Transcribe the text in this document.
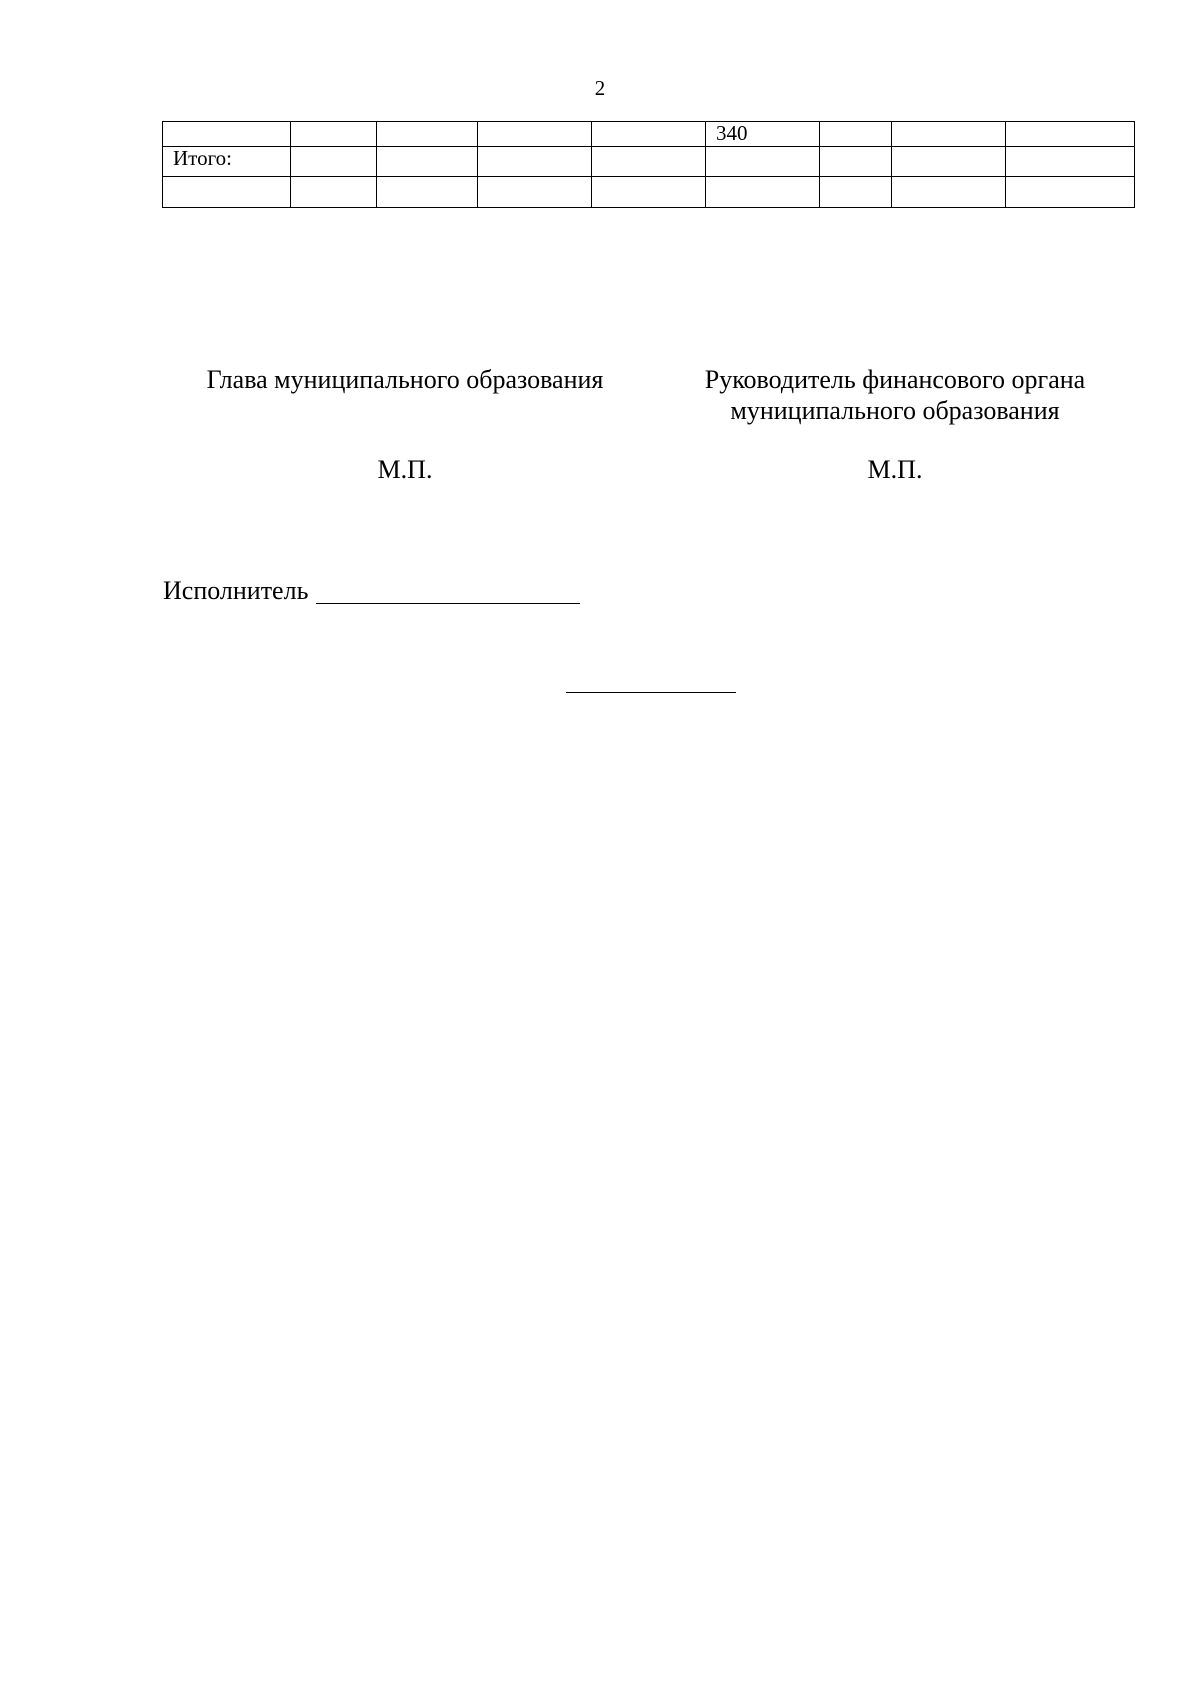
2
					340			
Итого:								

Глава муниципального образования	Руководитель финансового органа
муниципального образования
М.П.	М.П.
Исполнитель
